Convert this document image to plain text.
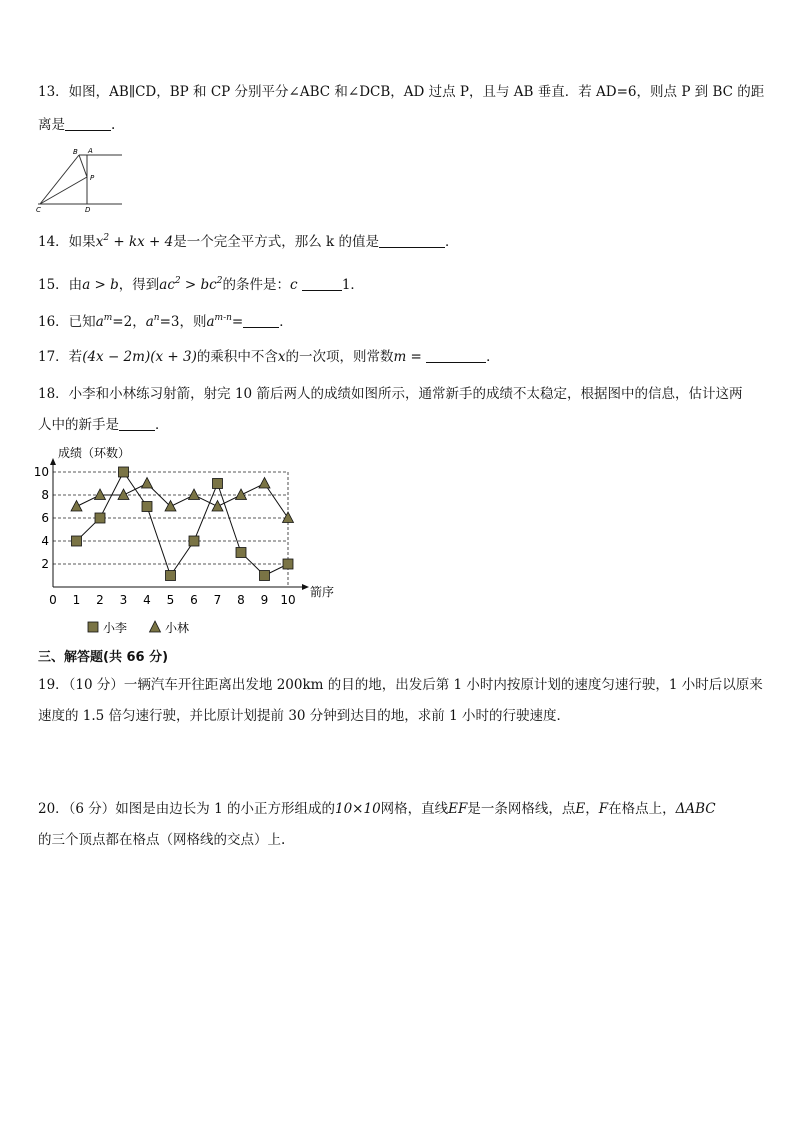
13．如图，AB∥CD，BP 和 CP 分别平分∠ABC 和∠DCB，AD 过点 P，且与 AB 垂直．若 AD=6，则点 P 到 BC 的距
离是	.
B A
P
C	D
14．如果$x^2$ + kx + 4是一个完全平方式，那么 k 的值是	．
15．由a > b，得到$ac^2 > bc^2$的条件是：c	1．
16．已知$a^m=2$，$a^n=3$，则$a^{m-n}=$	．
17．若(4x − 2m)(x + 3)的乘积中不含x的一次项，则常数m =	．
18．小李和小林练习射箭，射完 10 箭后两人的成绩如图所示，通常新手的成绩不太稳定，根据图中的信息，估计这两
人中的新手是	．
2
4
6
8
10
0 1 2 3 4 5 6 7 8 9 10
成绩（环数）
箭序
小李	小林
三、解答题(共 66 分)
19．（10 分）一辆汽车开往距离出发地 200km 的目的地，出发后第 1 小时内按原计划的速度匀速行驶，1 小时后以原来
速度的 1.5 倍匀速行驶，并比原计划提前 30 分钟到达目的地，求前 1 小时的行驶速度．
20．（6 分）如图是由边长为 1 的小正方形组成的10×10网格，直线EF是一条网格线，点E，F在格点上，ΔABC
的三个顶点都在格点（网格线的交点）上.
